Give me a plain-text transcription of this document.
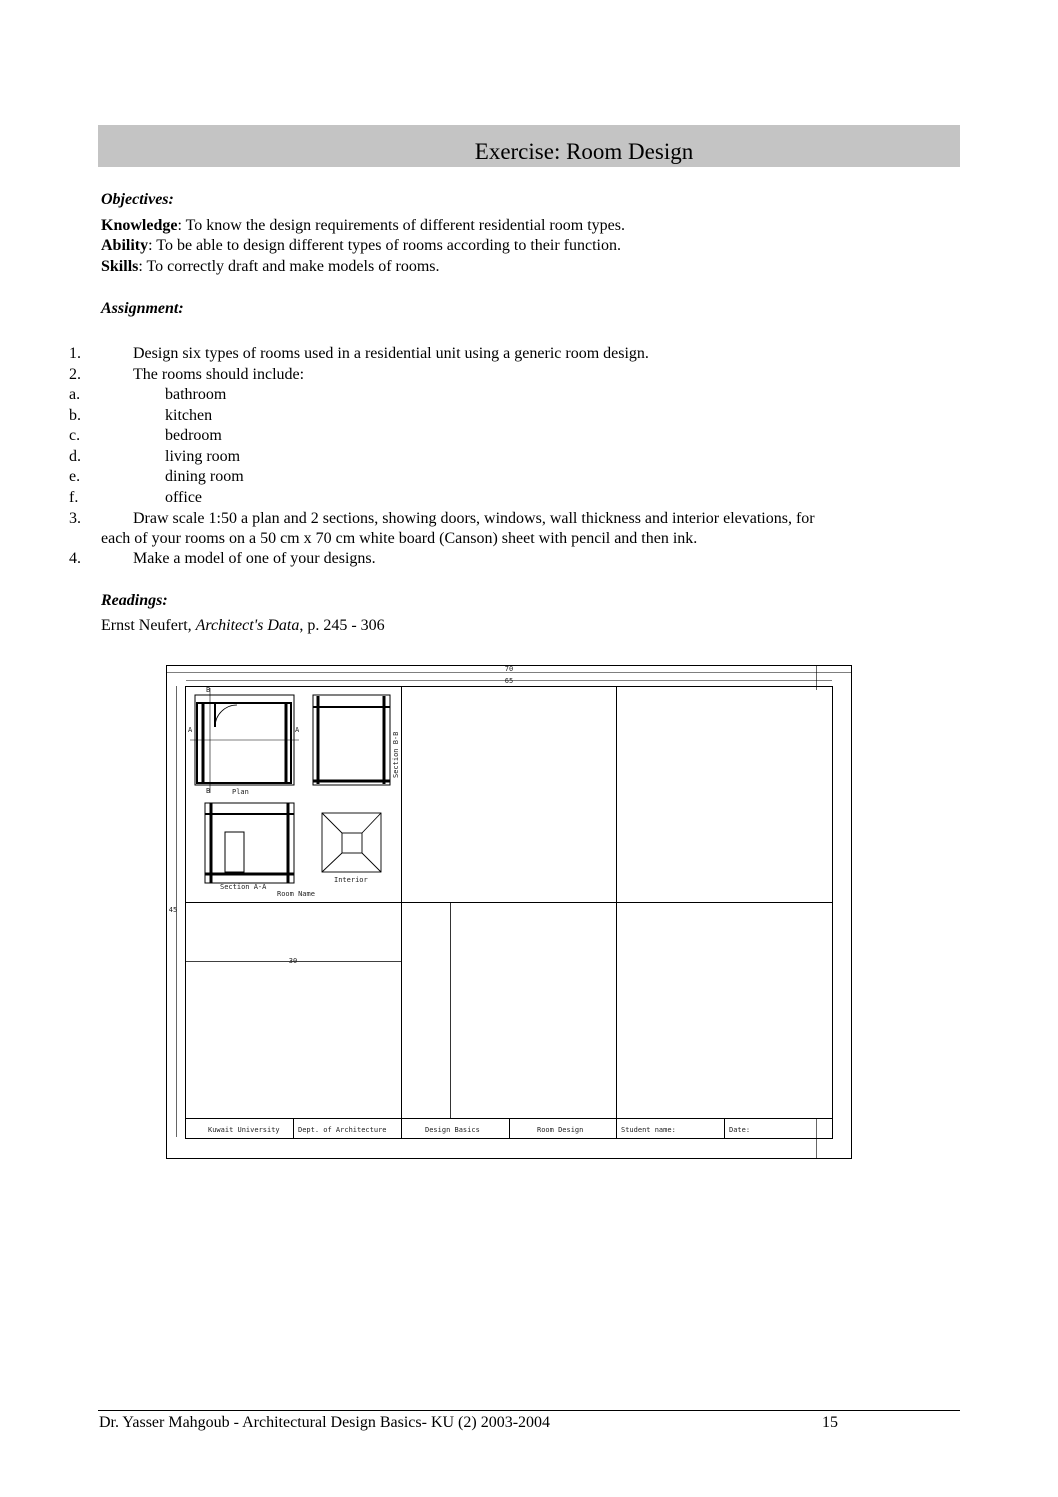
Exercise: Room Design
Objectives:
Knowledge: To know the design requirements of different residential room types.
Ability: To be able to design different types of rooms according to their function.
Skills: To correctly draft and make models of rooms.
Assignment:
1.	Design six types of rooms used in a residential unit using a generic room design.
2.	The rooms should include:
a.	bathroom
b.	kitchen
c.	bedroom
d.	living room
e.	dining room
f.	office
3.	Draw scale 1:50 a plan and 2 sections, showing doors, windows, wall thickness and interior elevations, for
each of your rooms on a 50 cm x 70 cm white board (Canson) sheet with pencil and then ink.
4.	Make a model of one of your designs.
Readings:
Ernst Neufert, Architect's Data, p. 245 - 306
70
65
30
45
Plan
A	A
B
B
Section B-B
Section A-A
Interior
Room Name
Kuwait University	Dept. of Architecture	Design Basics	Room Design	Student name:	Date:
Dr. Yasser Mahgoub - Architectural Design Basics- KU (2) 2003-2004	15
